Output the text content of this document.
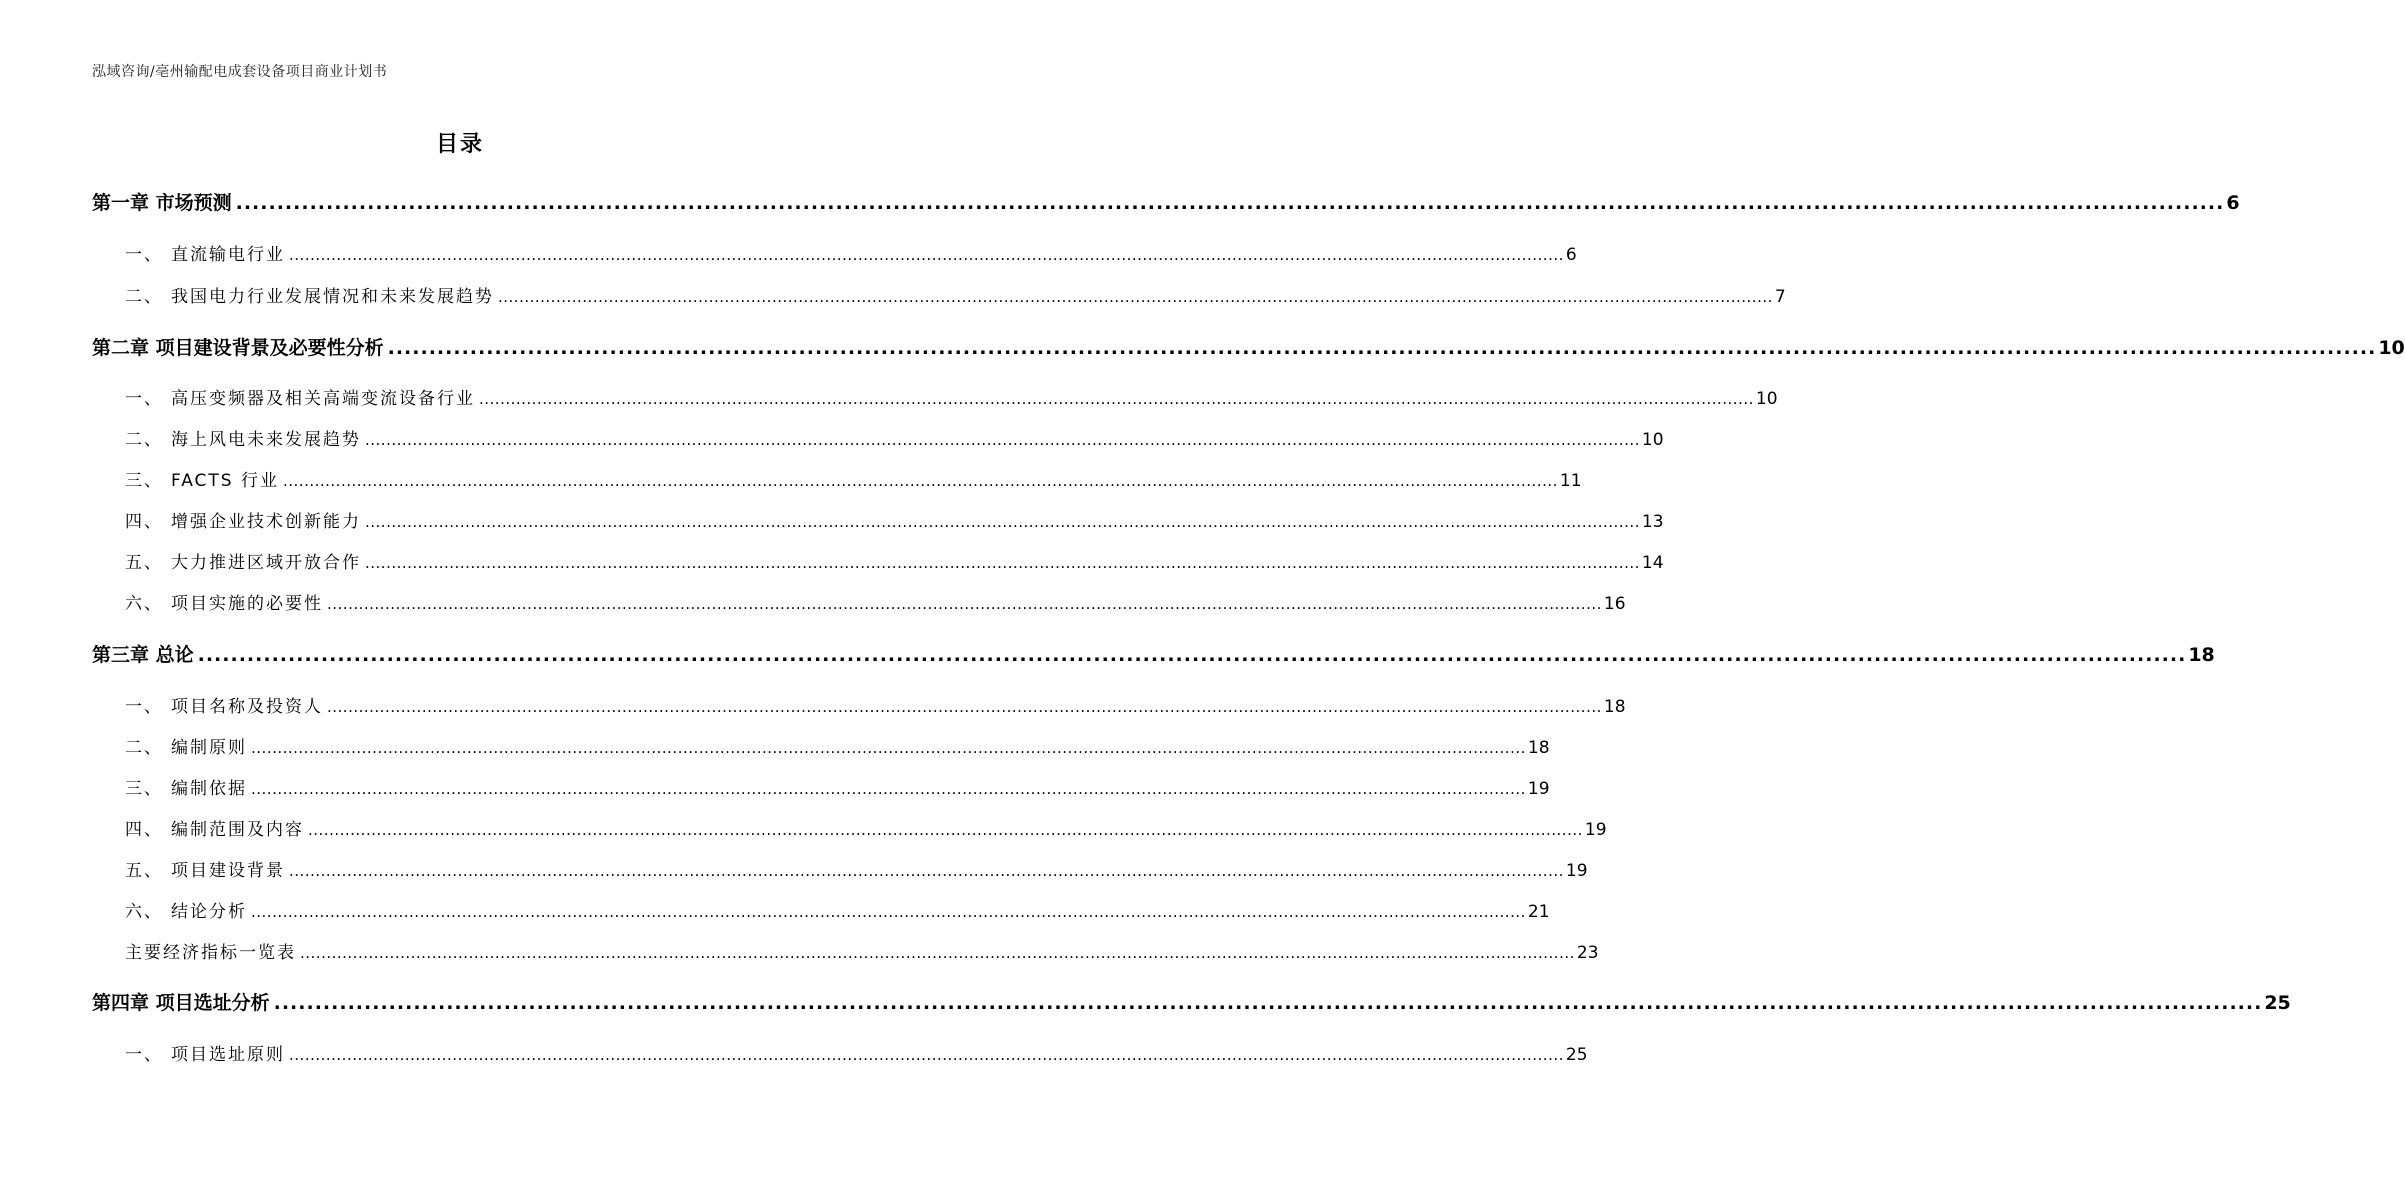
泓域咨询/亳州输配电成套设备项目商业计划书
目录
第一章 市场预测 .................................................................................................................................................................................................................................................. 6
一、 直流输电行业 .................................................................................................................................................................................................................................................. 6
二、 我国电力行业发展情况和未来发展趋势 .................................................................................................................................................................................................................................................. 7
第二章 项目建设背景及必要性分析 .................................................................................................................................................................................................................................................. 10
一、 高压变频器及相关高端变流设备行业 .................................................................................................................................................................................................................................................. 10
二、 海上风电未来发展趋势 .................................................................................................................................................................................................................................................. 10
三、 FACTS 行业 .................................................................................................................................................................................................................................................. 11
四、 增强企业技术创新能力 .................................................................................................................................................................................................................................................. 13
五、 大力推进区域开放合作 .................................................................................................................................................................................................................................................. 14
六、 项目实施的必要性 .................................................................................................................................................................................................................................................. 16
第三章 总论 .................................................................................................................................................................................................................................................. 18
一、 项目名称及投资人 .................................................................................................................................................................................................................................................. 18
二、 编制原则 .................................................................................................................................................................................................................................................. 18
三、 编制依据 .................................................................................................................................................................................................................................................. 19
四、 编制范围及内容 .................................................................................................................................................................................................................................................. 19
五、 项目建设背景 .................................................................................................................................................................................................................................................. 19
六、 结论分析 .................................................................................................................................................................................................................................................. 21
主要经济指标一览表 .................................................................................................................................................................................................................................................. 23
第四章 项目选址分析 .................................................................................................................................................................................................................................................. 25
一、 项目选址原则 .................................................................................................................................................................................................................................................. 25
